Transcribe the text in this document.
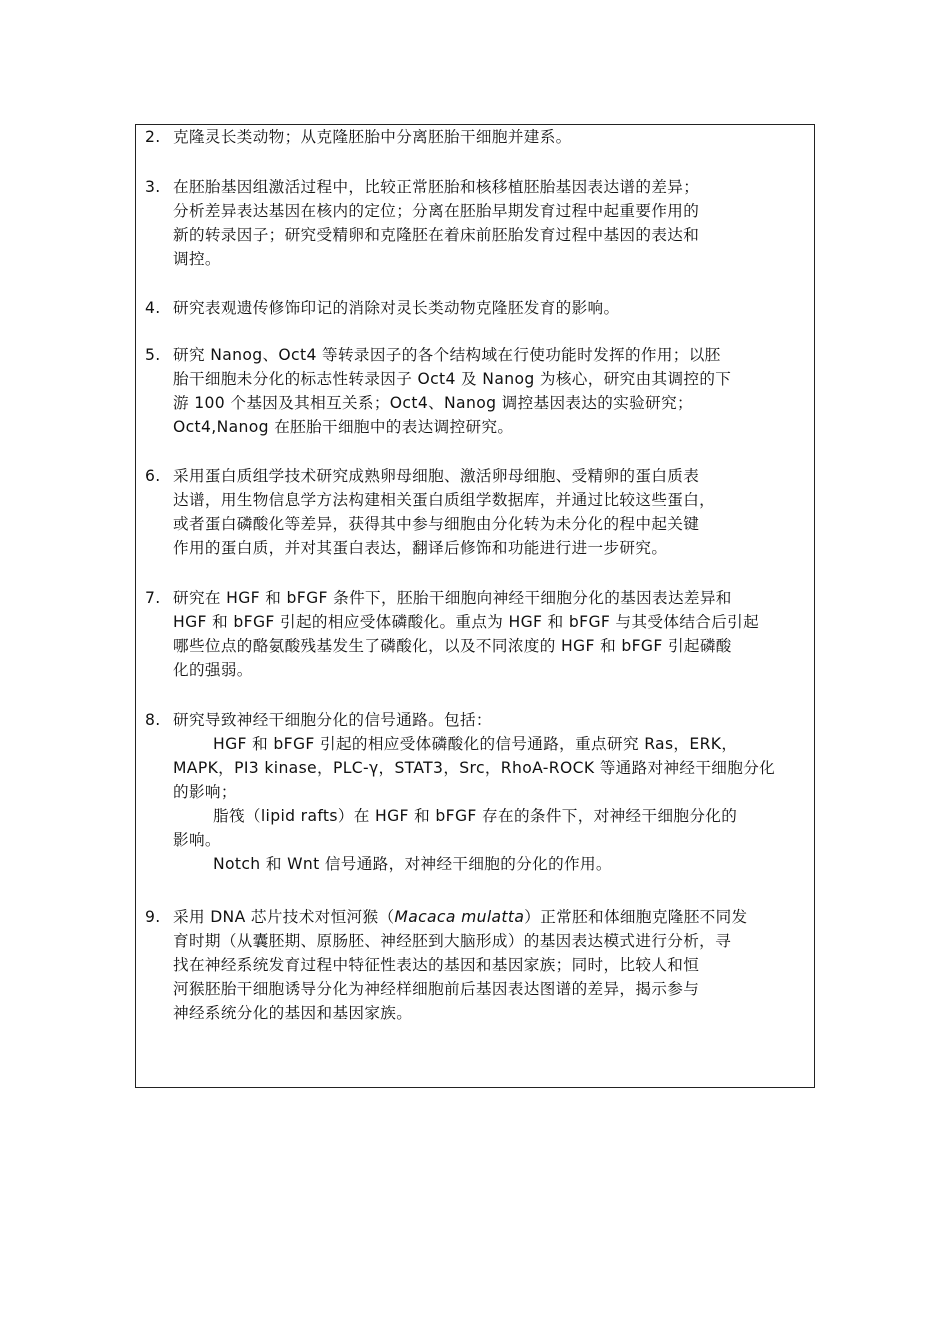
2. 克隆灵长类动物；从克隆胚胎中分离胚胎干细胞并建系。
3. 在胚胎基因组激活过程中，比较正常胚胎和核移植胚胎基因表达谱的差异；
分析差异表达基因在核内的定位；分离在胚胎早期发育过程中起重要作用的
新的转录因子；研究受精卵和克隆胚在着床前胚胎发育过程中基因的表达和
调控。
4. 研究表观遗传修饰印记的消除对灵长类动物克隆胚发育的影响。
5. 研究 Nanog、Oct4 等转录因子的各个结构域在行使功能时发挥的作用；以胚
胎干细胞未分化的标志性转录因子 Oct4 及 Nanog 为核心，研究由其调控的下
游 100 个基因及其相互关系；Oct4、Nanog 调控基因表达的实验研究；
Oct4,Nanog 在胚胎干细胞中的表达调控研究。
6. 采用蛋白质组学技术研究成熟卵母细胞、激活卵母细胞、受精卵的蛋白质表
达谱，用生物信息学方法构建相关蛋白质组学数据库，并通过比较这些蛋白，
或者蛋白磷酸化等差异，获得其中参与细胞由分化转为未分化的程中起关键
作用的蛋白质，并对其蛋白表达，翻译后修饰和功能进行进一步研究。
7. 研究在 HGF 和 bFGF 条件下，胚胎干细胞向神经干细胞分化的基因表达差异和
HGF 和 bFGF 引起的相应受体磷酸化。重点为 HGF 和 bFGF 与其受体结合后引起
哪些位点的酪氨酸残基发生了磷酸化，以及不同浓度的 HGF 和 bFGF 引起磷酸
化的强弱。
8. 研究导致神经干细胞分化的信号通路。包括：
HGF 和 bFGF 引起的相应受体磷酸化的信号通路，重点研究 Ras，ERK，
MAPK，PI3 kinase，PLC-γ，STAT3，Src，RhoA-ROCK 等通路对神经干细胞分化
的影响；
脂筏（lipid rafts）在 HGF 和 bFGF 存在的条件下，对神经干细胞分化的
影响。
Notch 和 Wnt 信号通路，对神经干细胞的分化的作用。
9. 采用 DNA 芯片技术对恒河猴（Macaca mulatta）正常胚和体细胞克隆胚不同发
育时期（从囊胚期、原肠胚、神经胚到大脑形成）的基因表达模式进行分析，寻
找在神经系统发育过程中特征性表达的基因和基因家族；同时，比较人和恒
河猴胚胎干细胞诱导分化为神经样细胞前后基因表达图谱的差异，揭示参与
神经系统分化的基因和基因家族。
